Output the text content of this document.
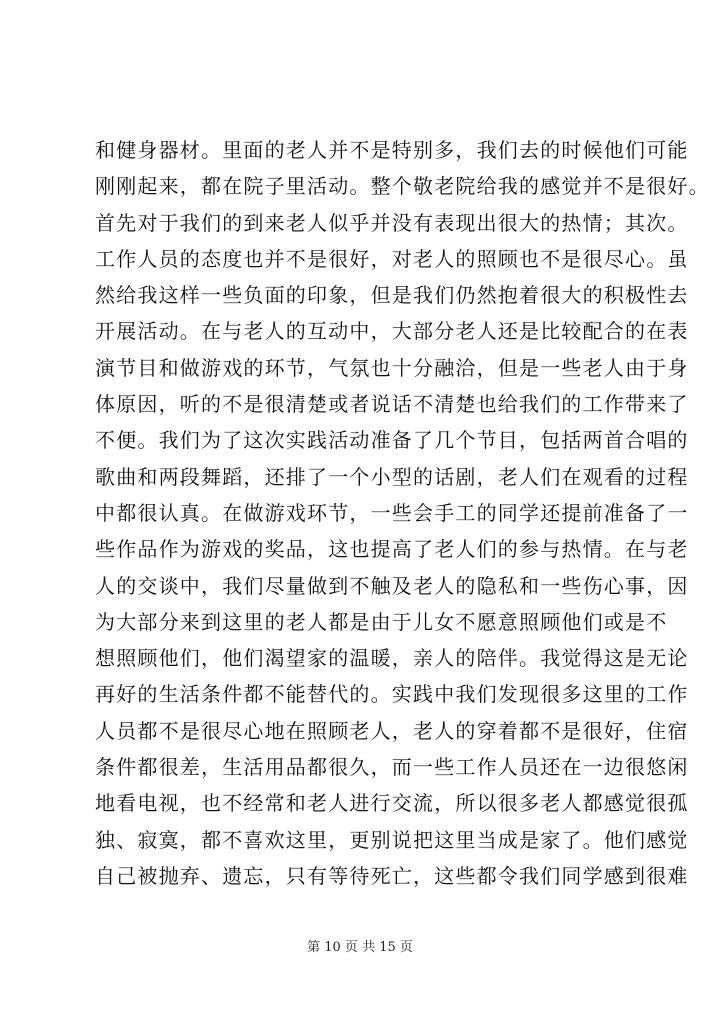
和健身器材。里面的老人并不是特别多，我们去的时候他们可能
刚刚起来，都在院子里活动。整个敬老院给我的感觉并不是很好。
首先对于我们的到来老人似乎并没有表现出很大的热情；其次。
工作人员的态度也并不是很好，对老人的照顾也不是很尽心。虽
然给我这样一些负面的印象，但是我们仍然抱着很大的积极性去
开展活动。在与老人的互动中，大部分老人还是比较配合的在表
演节目和做游戏的环节，气氛也十分融洽，但是一些老人由于身
体原因，听的不是很清楚或者说话不清楚也给我们的工作带来了
不便。我们为了这次实践活动准备了几个节目，包括两首合唱的
歌曲和两段舞蹈，还排了一个小型的话剧，老人们在观看的过程
中都很认真。在做游戏环节，一些会手工的同学还提前准备了一
些作品作为游戏的奖品，这也提高了老人们的参与热情。在与老
人的交谈中，我们尽量做到不触及老人的隐私和一些伤心事，因
为大部分来到这里的老人都是由于儿女不愿意照顾他们或是不
想照顾他们，他们渴望家的温暖，亲人的陪伴。我觉得这是无论
再好的生活条件都不能替代的。实践中我们发现很多这里的工作
人员都不是很尽心地在照顾老人，老人的穿着都不是很好，住宿
条件都很差，生活用品都很久，而一些工作人员还在一边很悠闲
地看电视，也不经常和老人进行交流，所以很多老人都感觉很孤
独、寂寞，都不喜欢这里，更别说把这里当成是家了。他们感觉
自己被抛弃、遗忘，只有等待死亡，这些都令我们同学感到很难
第 10 页 共 15 页
